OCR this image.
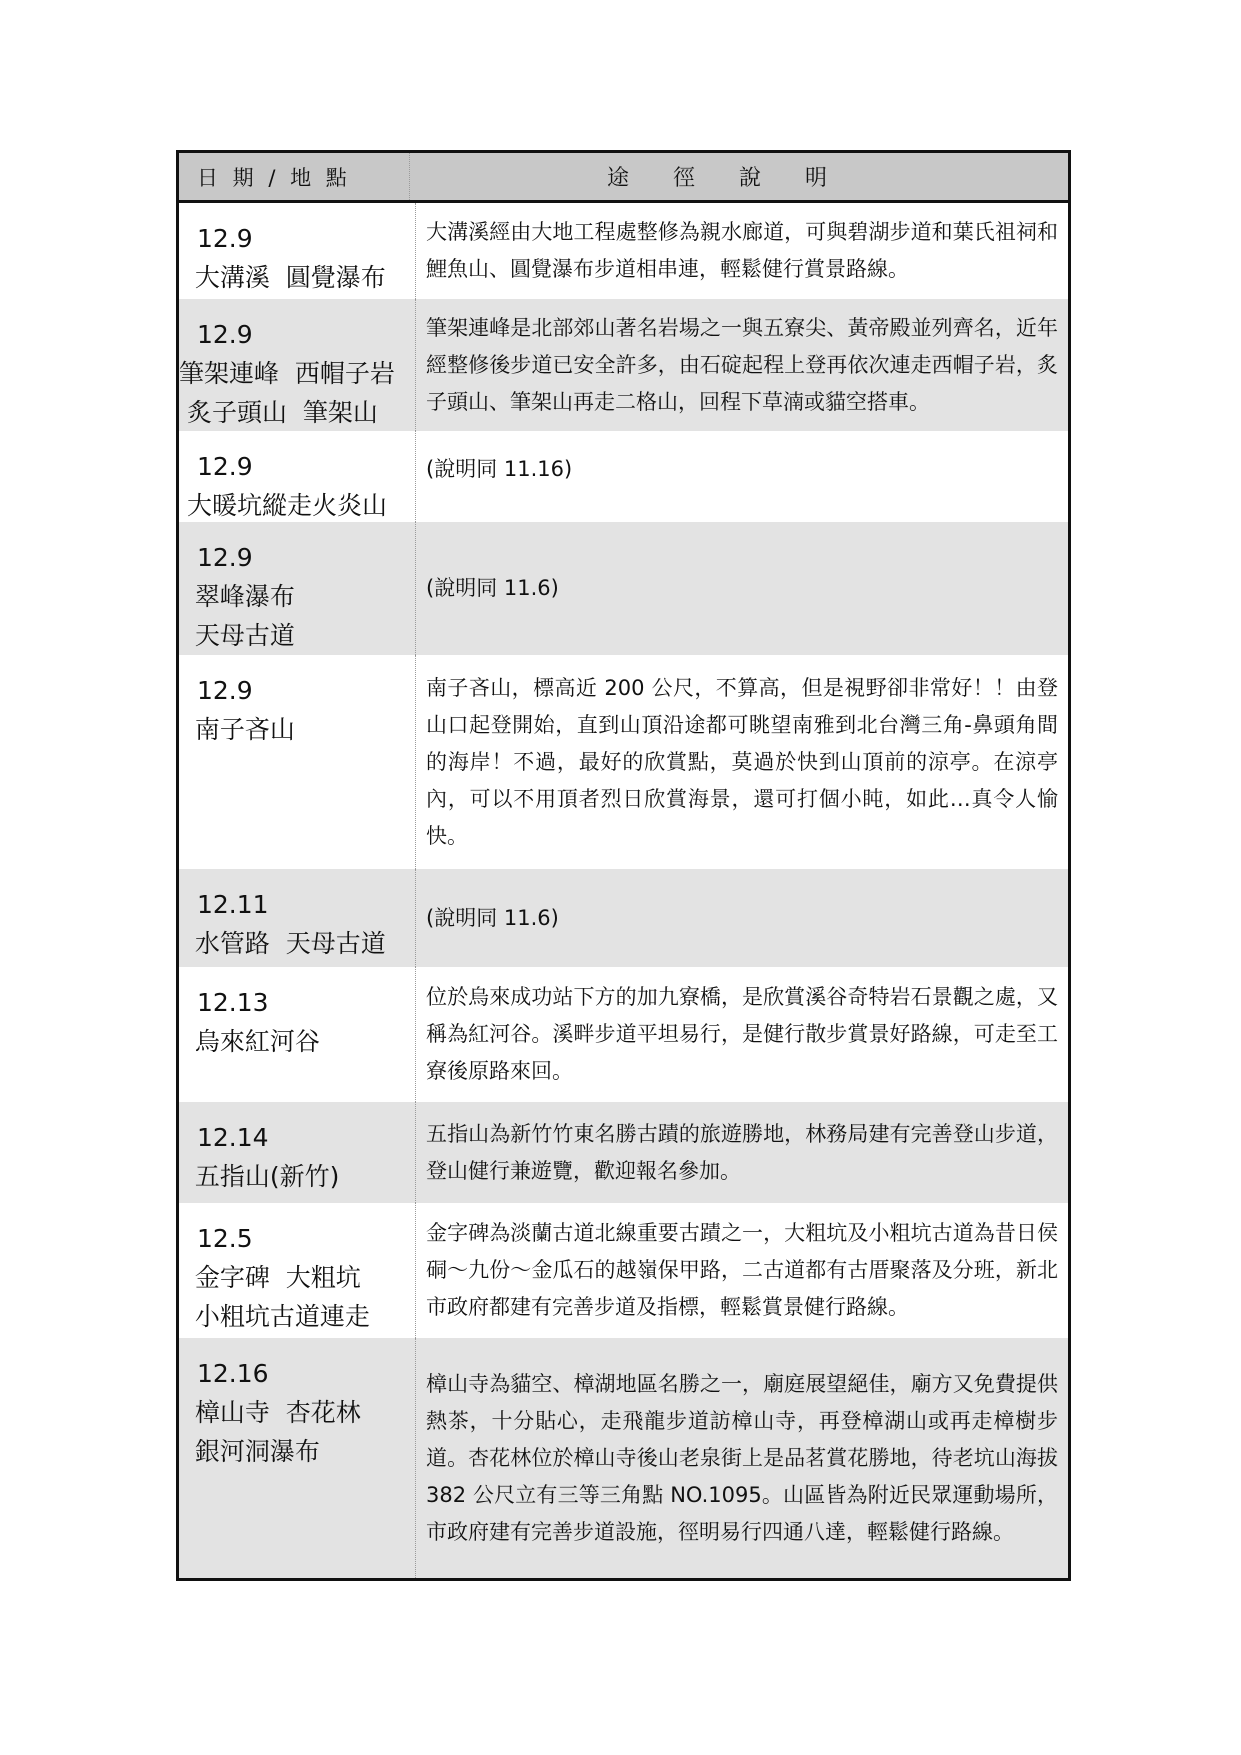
日 期 / 地 點	途徑說明
12.9
大溝溪  圓覺瀑布
大溝溪經由大地工程處整修為親水廊道，可與碧湖步道和葉氏祖祠和鯉魚山、圓覺瀑布步道相串連，輕鬆健行賞景路線。
12.9
筆架連峰  西帽子岩
炙子頭山  筆架山
筆架連峰是北部郊山著名岩場之一與五寮尖、黃帝殿並列齊名，近年經整修後步道已安全許多，由石碇起程上登再依次連走西帽子岩，炙子頭山、筆架山再走二格山，回程下草湳或貓空搭車。
12.9
大暖坑縱走火炎山
(說明同 11.16)
12.9
翠峰瀑布
天母古道
(說明同 11.6)
12.9
南子吝山
南子吝山，標高近 200 公尺，不算高，但是視野卻非常好！！由登山口起登開始，直到山頂沿途都可眺望南雅到北台灣三角-鼻頭角間的海岸！不過，最好的欣賞點，莫過於快到山頂前的涼亭。在涼亭內，可以不用頂者烈日欣賞海景，還可打個小盹，如此…真令人愉快。
12.11
水管路  天母古道
(說明同 11.6)
12.13
烏來紅河谷
位於烏來成功站下方的加九寮橋，是欣賞溪谷奇特岩石景觀之處，又稱為紅河谷。溪畔步道平坦易行，是健行散步賞景好路線，可走至工寮後原路來回。
12.14
五指山(新竹)
五指山為新竹竹東名勝古蹟的旅遊勝地，林務局建有完善登山步道，登山健行兼遊覽，歡迎報名參加。
12.5
金字碑  大粗坑
小粗坑古道連走
金字碑為淡蘭古道北線重要古蹟之一，大粗坑及小粗坑古道為昔日侯硐～九份～金瓜石的越嶺保甲路，二古道都有古厝聚落及分班，新北市政府都建有完善步道及指標，輕鬆賞景健行路線。
12.16
樟山寺  杏花林
銀河洞瀑布
樟山寺為貓空、樟湖地區名勝之一，廟庭展望絕佳，廟方又免費提供熱茶，十分貼心，走飛龍步道訪樟山寺，再登樟湖山或再走樟樹步道。杏花林位於樟山寺後山老泉街上是品茗賞花勝地，待老坑山海拔 382 公尺立有三等三角點 NO.1095。山區皆為附近民眾運動場所，市政府建有完善步道設施，徑明易行四通八達，輕鬆健行路線。
